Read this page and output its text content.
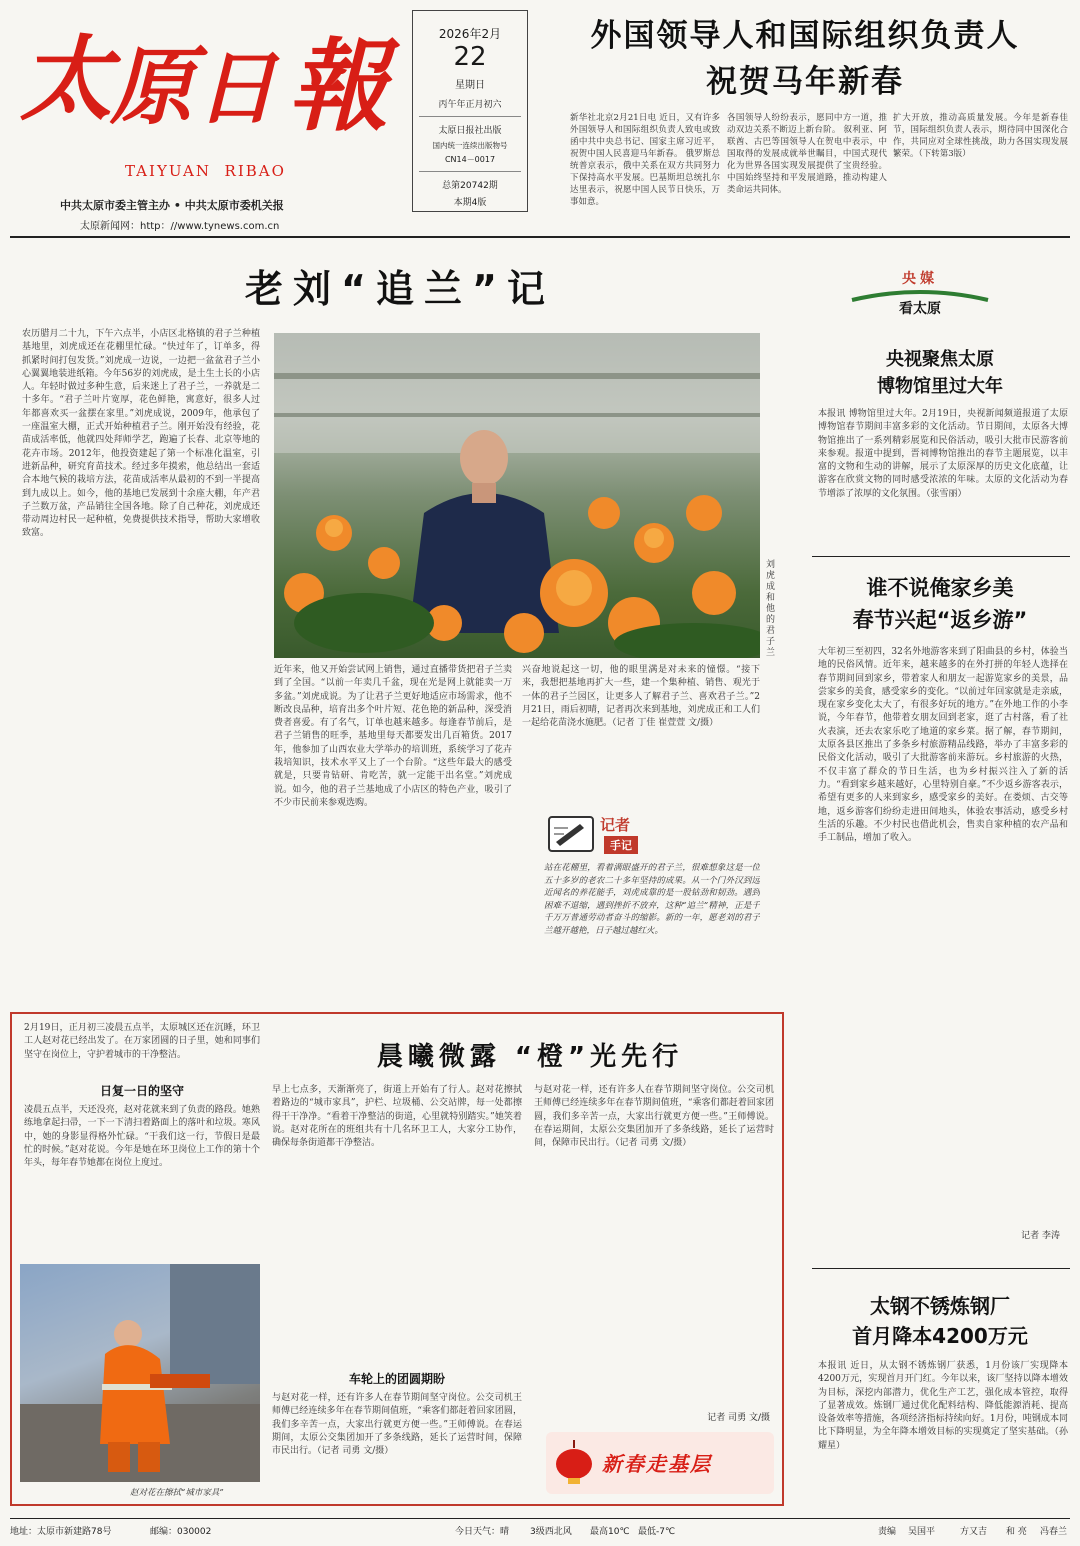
太
原 日 報
TAIYUAN  RIBAO
中共太原市委主管主办 • 中共太原市委机关报
太原新闻网：http：//www.tynews.com.cn
2026年2月
22
星期日
丙午年正月初六
太原日报社出版
国内统一连续出版物号
CN14－0017
总第20742期
本期4版
外国领导人和国际组织负责人
祝贺马年新春
新华社北京2月21日电 近日，又有许多外国领导人和国际组织负责人致电或致函中共中央总书记、国家主席习近平，祝贺中国人民喜迎马年新春。 俄罗斯总统普京表示，俄中关系在双方共同努力下保持高水平发展。巴基斯坦总统扎尔达里表示，祝愿中国人民节日快乐，万事如意。
各国领导人纷纷表示，愿同中方一道，推动双边关系不断迈上新台阶。 叙利亚、阿联酋、古巴等国领导人在贺电中表示，中国取得的发展成就举世瞩目，中国式现代化为世界各国实现发展提供了宝贵经验。中国始终坚持和平发展道路，推动构建人类命运共同体。
扩大开放，推动高质量发展。今年是新春佳节，国际组织负责人表示，期待同中国深化合作，共同应对全球性挑战，助力各国实现发展繁荣。（下转第3版）
老刘“追兰”记
农历腊月二十九，下午六点半，小店区北格镇的君子兰种植基地里，刘虎成还在花棚里忙碌。“快过年了，订单多，得抓紧时间打包发货。”刘虎成一边说，一边把一盆盆君子兰小心翼翼地装进纸箱。今年56岁的刘虎成，是土生土长的小店人。年轻时做过多种生意，后来迷上了君子兰，一养就是二十多年。“君子兰叶片宽厚，花色鲜艳，寓意好，很多人过年都喜欢买一盆摆在家里。”刘虎成说，2009年，他承包了一座温室大棚，正式开始种植君子兰。刚开始没有经验，花苗成活率低，他就四处拜师学艺，跑遍了长春、北京等地的花卉市场。2012年，他投资建起了第一个标准化温室，引进新品种，研究育苗技术。经过多年摸索，他总结出一套适合本地气候的栽培方法，花苗成活率从最初的不到一半提高到九成以上。如今，他的基地已发展到十余座大棚，年产君子兰数万盆，产品销往全国各地。除了自己种花，刘虎成还带动周边村民一起种植，免费提供技术指导，帮助大家增收致富。
刘虎成和他的君子兰
近年来，他又开始尝试网上销售，通过直播带货把君子兰卖到了全国。“以前一年卖几千盆，现在光是网上就能卖一万多盆。”刘虎成说。为了让君子兰更好地适应市场需求，他不断改良品种，培育出多个叶片短、花色艳的新品种，深受消费者喜爱。有了名气，订单也越来越多。每逢春节前后，是君子兰销售的旺季，基地里每天都要发出几百箱货。2017年，他参加了山西农业大学举办的培训班，系统学习了花卉栽培知识，技术水平又上了一个台阶。“这些年最大的感受就是，只要肯钻研、肯吃苦，就一定能干出名堂。”刘虎成说。如今，他的君子兰基地成了小店区的特色产业，吸引了不少市民前来参观选购。
兴奋地说起这一切，他的眼里满是对未来的憧憬。“接下来，我想把基地再扩大一些，建一个集种植、销售、观光于一体的君子兰园区，让更多人了解君子兰、喜欢君子兰。”2月21日，雨后初晴，记者再次来到基地，刘虎成正和工人们一起给花苗浇水施肥。（记者 丁佳 崔萱萱 文/摄）
记者
手记
站在花棚里，看着满眼盛开的君子兰，很难想象这是一位五十多岁的老农二十多年坚持的成果。从一个门外汉到远近闻名的养花能手，刘虎成靠的是一股钻劲和韧劲。遇到困难不退缩，遇到挫折不放弃，这种“追兰”精神，正是千千万万普通劳动者奋斗的缩影。新的一年，愿老刘的君子兰越开越艳，日子越过越红火。
央媒
看太原
央视聚焦太原
博物馆里过大年
本报讯 博物馆里过大年。2月19日，央视新闻频道报道了太原博物馆春节期间丰富多彩的文化活动。节日期间，太原各大博物馆推出了一系列精彩展览和民俗活动，吸引大批市民游客前来参观。报道中提到，晋祠博物馆推出的春节主题展览，以丰富的文物和生动的讲解，展示了太原深厚的历史文化底蕴，让游客在欣赏文物的同时感受浓浓的年味。太原的文化活动为春节增添了浓厚的文化氛围。（张雪丽）
谁不说俺家乡美
春节兴起“返乡游”
大年初三至初四，32名外地游客来到了阳曲县的乡村，体验当地的民俗风情。近年来，越来越多的在外打拼的年轻人选择在春节期间回到家乡，带着家人和朋友一起游览家乡的美景，品尝家乡的美食，感受家乡的变化。“以前过年回家就是走亲戚，现在家乡变化太大了，有很多好玩的地方。”在外地工作的小李说，今年春节，他带着女朋友回到老家，逛了古村落，看了社火表演，还去农家乐吃了地道的家乡菜。据了解，春节期间，太原各县区推出了多条乡村旅游精品线路，举办了丰富多彩的民俗文化活动，吸引了大批游客前来游玩。乡村旅游的火热，不仅丰富了群众的节日生活，也为乡村振兴注入了新的活力。“看到家乡越来越好，心里特别自豪。”不少返乡游客表示，希望有更多的人来到家乡，感受家乡的美好。在娄烦、古交等地，返乡游客们纷纷走进田间地头，体验农事活动，感受乡村生活的乐趣。不少村民也借此机会，售卖自家种植的农产品和手工制品，增加了收入。
记者 李涛
太钢不锈炼钢厂
首月降本4200万元
本报讯 近日，从太钢不锈炼钢厂获悉，1月份该厂实现降本4200万元，实现首月开门红。今年以来，该厂坚持以降本增效为目标，深挖内部潜力，优化生产工艺，强化成本管控，取得了显著成效。炼钢厂通过优化配料结构、降低能源消耗、提高设备效率等措施，各项经济指标持续向好。1月份，吨钢成本同比下降明显，为全年降本增效目标的实现奠定了坚实基础。（孙耀星）
晨曦微露 “橙”光先行
2月19日，正月初三凌晨五点半，太原城区还在沉睡，环卫工人赵对花已经出发了。在万家团圆的日子里，她和同事们坚守在岗位上，守护着城市的干净整洁。
日复一日的坚守
凌晨五点半，天还没亮，赵对花就来到了负责的路段。她熟练地拿起扫帚，一下一下清扫着路面上的落叶和垃圾。寒风中，她的身影显得格外忙碌。“干我们这一行，节假日是最忙的时候。”赵对花说。今年是她在环卫岗位上工作的第十个年头，每年春节她都在岗位上度过。
赵对花在擦拭“城市家具”
早上七点多，天渐渐亮了，街道上开始有了行人。赵对花擦拭着路边的“城市家具”，护栏、垃圾桶、公交站牌，每一处都擦得干干净净。“看着干净整洁的街道，心里就特别踏实。”她笑着说。赵对花所在的班组共有十几名环卫工人，大家分工协作，确保每条街道都干净整洁。
车轮上的团圆期盼
与赵对花一样，还有许多人在春节期间坚守岗位。公交司机王师傅已经连续多年在春节期间值班，“乘客们都赶着回家团圆，我们多辛苦一点，大家出行就更方便一些。”王师傅说。在春运期间，太原公交集团加开了多条线路，延长了运营时间，保障市民出行。（记者 司勇 文/摄）
与赵对花一样，还有许多人在春节期间坚守岗位。公交司机王师傅已经连续多年在春节期间值班，“乘客们都赶着回家团圆，我们多辛苦一点，大家出行就更方便一些。”王师傅说。在春运期间，太原公交集团加开了多条线路，延长了运营时间，保障市民出行。（记者 司勇 文/摄）
记者 司勇 文/摄
新春走基层
地址：太原市新建路78号	邮编：030002	今日天气：晴 3级西北风 最高10℃ 最低-7℃	责编 吴国平	方又吉 和 亮 冯春兰
